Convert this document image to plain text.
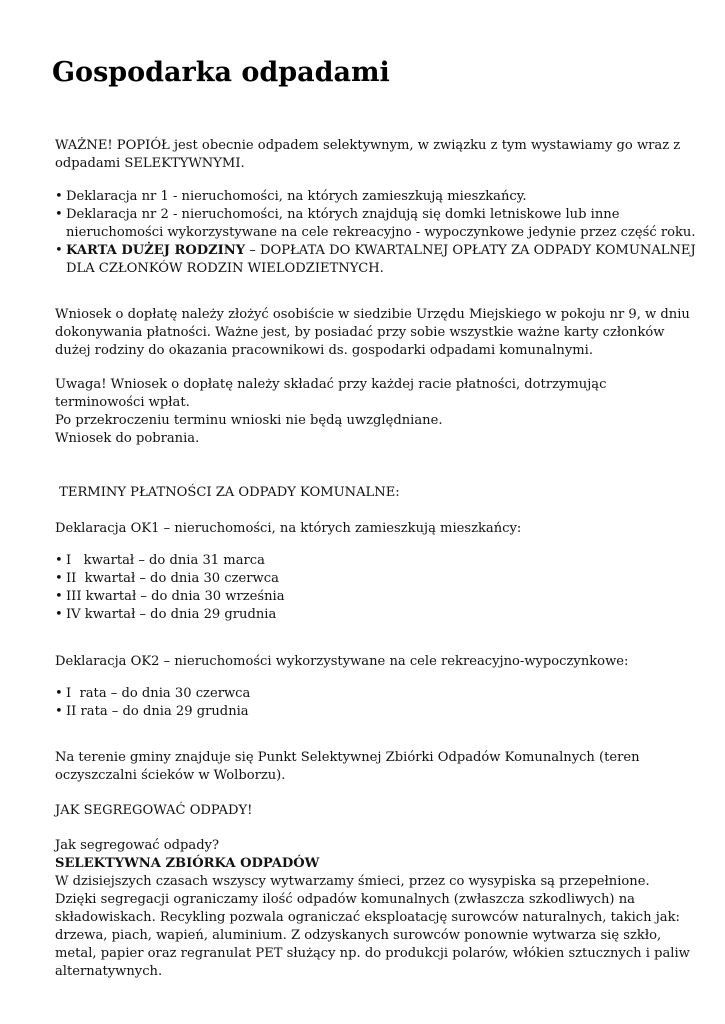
Gospodarka odpadami

WAŻNE! POPIÓŁ jest obecnie odpadem selektywnym, w związku z tym wystawiamy go wraz z odpadami SELEKTYWNYMI.

• Deklaracja nr 1 - nieruchomości, na których zamieszkują mieszkańcy.
• Deklaracja nr 2 - nieruchomości, na których znajdują się domki letniskowe lub inne nieruchomości wykorzystywane na cele rekreacyjno - wypoczynkowe jedynie przez część roku.
• KARTA DUŻEJ RODZINY – DOPŁATA DO KWARTALNEJ OPŁATY ZA ODPADY KOMUNALNEJ DLA CZŁONKÓW RODZIN WIELODZIETNYCH.

Wniosek o dopłatę należy złożyć osobiście w siedzibie Urzędu Miejskiego w pokoju nr 9, w dniu dokonywania płatności. Ważne jest, by posiadać przy sobie wszystkie ważne karty członków dużej rodziny do okazania pracownikowi ds. gospodarki odpadami komunalnymi.

Uwaga! Wniosek o dopłatę należy składać przy każdej racie płatności, dotrzymując terminowości wpłat.

Po przekroczeniu terminu wnioski nie będą uwzględniane.

Wniosek do pobrania.

TERMINY PŁATNOŚCI ZA ODPADY KOMUNALNE:

Deklaracja OK1 – nieruchomości, na których zamieszkują mieszkańcy:

• I   kwartał – do dnia 31 marca
• II  kwartał – do dnia 30 czerwca
• III kwartał – do dnia 30 września
• IV kwartał – do dnia 29 grudnia

Deklaracja OK2 – nieruchomości wykorzystywane na cele rekreacyjno-wypoczynkowe:

• I  rata – do dnia 30 czerwca
• II rata – do dnia 29 grudnia

Na terenie gminy znajduje się Punkt Selektywnej Zbiórki Odpadów Komunalnych (teren oczyszczalni ścieków w Wolborzu).

JAK SEGREGOWAĆ ODPADY!

Jak segregować odpady?

SELEKTYWNA ZBIÓRKA ODPADÓW

W dzisiejszych czasach wszyscy wytwarzamy śmieci, przez co wysypiska są przepełnione. Dzięki segregacji ograniczamy ilość odpadów komunalnych (zwłaszcza szkodliwych) na składowiskach. Recykling pozwala ograniczać eksploatację surowców naturalnych, takich jak: drzewa, piach, wapień, aluminium. Z odzyskanych surowców ponownie wytwarza się szkło, metal, papier oraz regranulat PET służący np. do produkcji polarów, włókien sztucznych i paliw alternatywnych.
